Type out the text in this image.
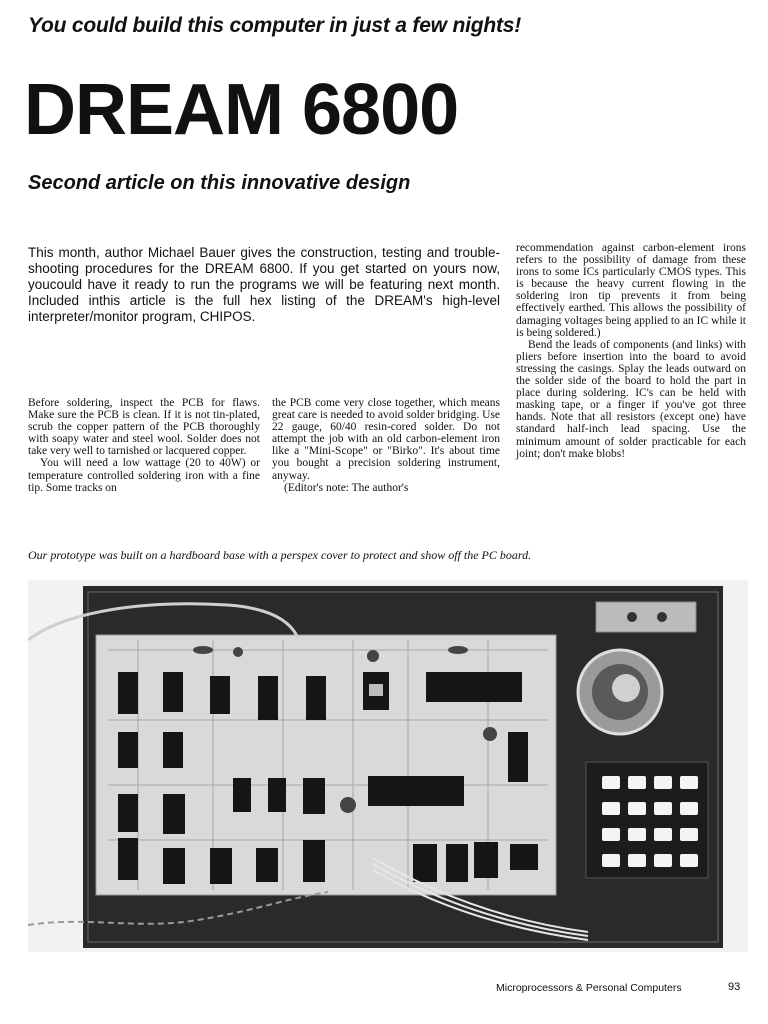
You could build this computer in just a few nights!
DREAM 6800
Second article on this innovative design
This month, author Michael Bauer gives the construction, testing and trouble-shooting procedures for the DREAM 6800. If you get started on yours now, youcould have it ready to run the programs we will be featuring next month. Included inthis article is the full hex listing of the DREAM's high-level interpreter/monitor program, CHIPOS.

Before soldering, inspect the PCB for flaws. Make sure the PCB is clean. If it is not tin-plated, scrub the copper pattern of the PCB thoroughly with soapy water and steel wool. Solder does not take very well to tarnished or lacquered copper.

You will need a low wattage (20 to 40W) or temperature controlled soldering iron with a fine tip. Some tracks on

the PCB come very close together, which means great care is needed to avoid solder bridging. Use 22 gauge, 60/40 resin-cored solder. Do not attempt the job with an old carbon-element iron like a "Mini-Scope" or "Birko". It's about time you bought a precision soldering instrument, anyway.

(Editor's note: The author's

recommendation against carbon-element irons refers to the possibility of damage from these irons to some ICs particularly CMOS types. This is because the heavy current flowing in the soldering iron tip prevents it from being effectively earthed. This allows the possibility of damaging voltages being applied to an IC while it is being soldered.)

Bend the leads of components (and links) with pliers before insertion into the board to avoid stressing the casings. Splay the leads outward on the solder side of the board to hold the part in place during soldering. IC's can be held with masking tape, or a finger if you've got three hands. Note that all resistors (except one) have standard half-inch lead spacing. Use the minimum amount of solder practicable for each joint; don't make blobs!

Our prototype was built on a hardboard base with a perspex cover to protect and show off the PC board.
Microprocessors & Personal Computers	93
